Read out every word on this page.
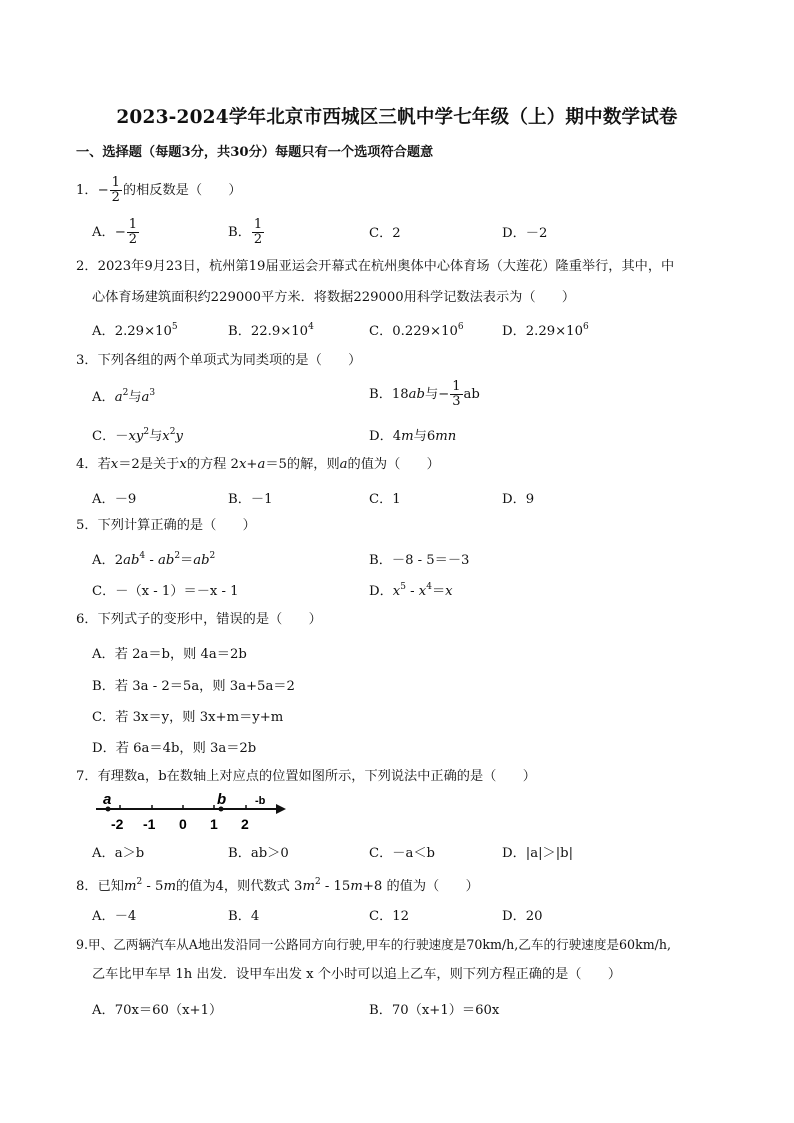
2023-2024学年北京市西城区三帆中学七年级（上）期中数学试卷
一、选择题（每题3分，共30分）每题只有一个选项符合题意
1．− $\frac{1}{2}$ 的相反数是（　　）
A．− $\frac{1}{2}$	B． $\frac{1}{2}$	C．2	D．－2
2．2023年9月23日，杭州第19届亚运会开幕式在杭州奥体中心体育场（大莲花）隆重举行，其中，中
心体育场建筑面积约229000平方米．将数据229000用科学记数法表示为（　　）
A．$2.29\times 10^5$	B．$22.9\times 10^4$	C．$0.229\times 10^6$	D．$2.29\times 10^6$
3．下列各组的两个单项式为同类项的是（　　）
A．$a^2$与$a^3$	B．18ab与− $\frac{1}{3}$ ab
C．$-xy^2$与$x^2y$	D．4m与6mn
4．若x＝2是关于x的方程 2x+a＝5的解，则a的值为（　　）
A．－9	B．－1	C．1	D．9
5．下列计算正确的是（　　）
A．$2ab^4 - ab^2=ab^2$	B．－8 - 5＝－3
C．－（x - 1）＝－x - 1	D．$x^5 - x^4=x$
6．下列式子的变形中，错误的是（　　）
A．若 2a＝b，则 4a＝2b
B．若 3a - 2＝5a，则 3a+5a＝2
C．若 3x＝y，则 3x+m＝y+m
D．若 6a＝4b，则 3a＝2b
7．有理数a，b在数轴上对应点的位置如图所示，下列说法中正确的是（　　）
a	b	-b
-2 -1 0 1 2
A．a＞b	B．ab＞0	C．－a＜b	D．|a|＞|b|
8．已知$m^2 - 5m$的值为4，则代数式 $3m^2 - 15m+8$ 的值为（　　）
A．－4	B．4	C．12	D．20
9.甲、乙两辆汽车从A地出发沿同一公路同方向行驶,甲车的行驶速度是70km/h,乙车的行驶速度是60km/h,
乙车比甲车早 1h 出发．设甲车出发 x 个小时可以追上乙车，则下列方程正确的是（　　）
A．70x＝60（x+1）	B．70（x+1）＝60x
